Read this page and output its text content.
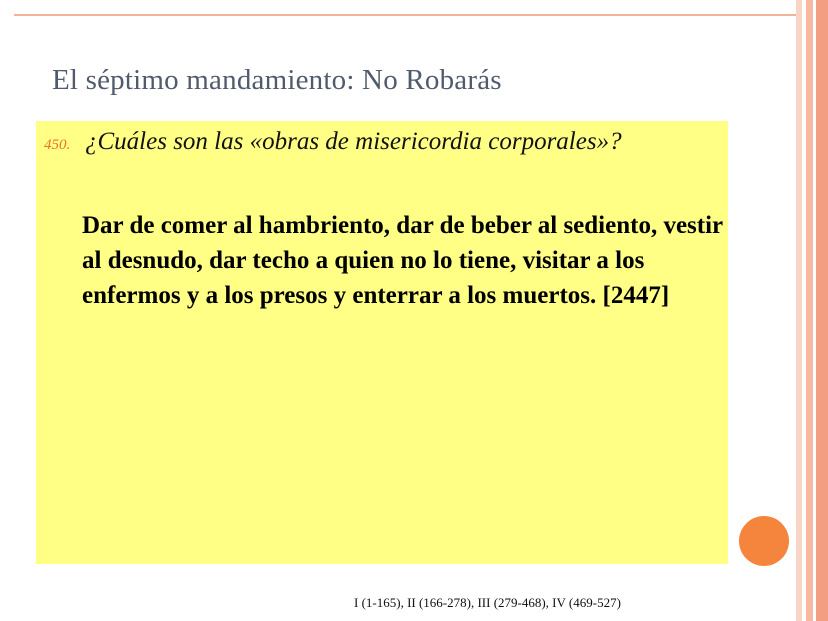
El séptimo mandamiento: No Robarás
450. ¿Cuáles son las «obras de misericordia corporales»?

Dar de comer al hambriento, dar de beber al sediento, vestir al desnudo, dar techo a quien no lo tiene, visitar a los enfermos y a los presos y enterrar a los muertos. [2447]

I (1-165), II (166-278), III (279-468), IV (469-527)
